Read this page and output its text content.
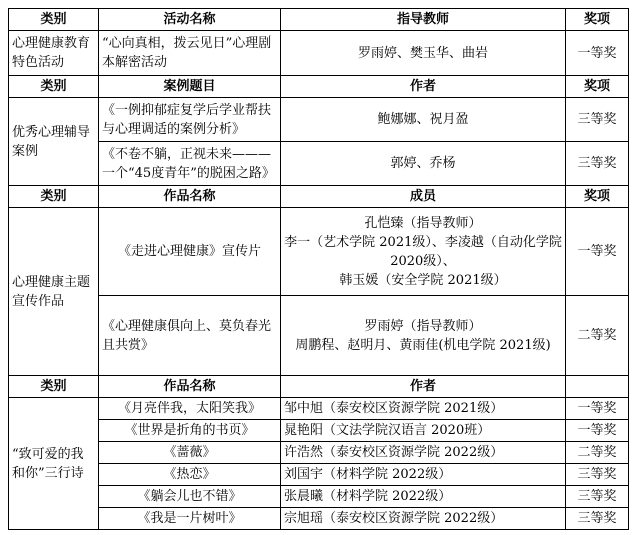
类别	活动名称	指导教师	奖项
心理健康教育特色活动	“心向真相，拨云见日”心理剧本解密活动	罗雨婷、樊玉华、曲岩	一等奖
类别	案例题目	作者	奖项
优秀心理辅导案例	《一例抑郁症复学后学业帮扶与心理调适的案例分析》	鲍娜娜、祝月盈	三等奖
	《不卷不躺，正视未来———一个“45度青年”的脱困之路》	郭婷、乔杨	三等奖
类别	作品名称	成员	奖项
心理健康主题宣传作品	《走进心理健康》宣传片	孔恺臻（指导教师）
李一（艺术学院 2021级）、李凌越（自动化学院 2020级）、
韩玉媛（安全学院 2021级）	一等奖
	《心理健康俱向上、莫负春光且共赏》	罗雨婷（指导教师）
周鹏程、赵明月、黄雨佳(机电学院 2021级)	二等奖
类别	作品名称	作者	
“致可爱的我和你”三行诗	《月亮伴我，太阳笑我》	邹中旭（泰安校区资源学院 2021级）	一等奖
	《世界是折角的书页》	晁艳阳（文法学院汉语言 2020班）	一等奖
	《蔷薇》	许浩然（泰安校区资源学院 2022级）	二等奖
	《热恋》	刘国宇（材料学院 2022级）	三等奖
	《躺会儿也不错》	张晨曦（材料学院 2022级）	三等奖
	《我是一片树叶》	宗旭瑶（泰安校区资源学院 2022级）	三等奖
